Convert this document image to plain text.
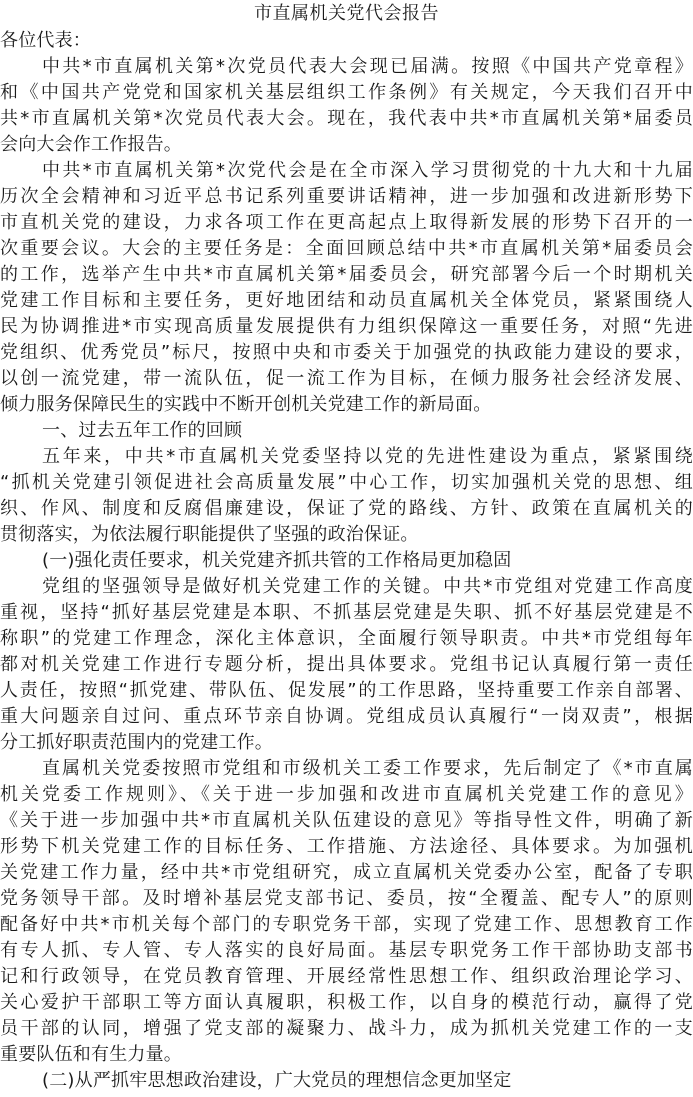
市直属机关党代会报告
各位代表：
中共*市直属机关第*次党员代表大会现已届满。按照《中国共产党章程》
和《中国共产党党和国家机关基层组织工作条例》有关规定，今天我们召开中
共*市直属机关第*次党员代表大会。现在，我代表中共*市直属机关第*届委员
会向大会作工作报告。
中共*市直属机关第*次党代会是在全市深入学习贯彻党的十九大和十九届
历次全会精神和习近平总书记系列重要讲话精神，进一步加强和改进新形势下
市直机关党的建设，力求各项工作在更高起点上取得新发展的形势下召开的一
次重要会议。大会的主要任务是：全面回顾总结中共*市直属机关第*届委员会
的工作，选举产生中共*市直属机关第*届委员会，研究部署今后一个时期机关
党建工作目标和主要任务，更好地团结和动员直属机关全体党员，紧紧围绕人
民为协调推进*市实现高质量发展提供有力组织保障这一重要任务，对照“先进
党组织、优秀党员”标尺，按照中央和市委关于加强党的执政能力建设的要求，
以创一流党建，带一流队伍，促一流工作为目标，在倾力服务社会经济发展、
倾力服务保障民生的实践中不断开创机关党建工作的新局面。
一、过去五年工作的回顾
五年来，中共*市直属机关党委坚持以党的先进性建设为重点，紧紧围绕
“抓机关党建引领促进社会高质量发展”中心工作，切实加强机关党的思想、组
织、作风、制度和反腐倡廉建设，保证了党的路线、方针、政策在直属机关的
贯彻落实，为依法履行职能提供了坚强的政治保证。
(一)强化责任要求，机关党建齐抓共管的工作格局更加稳固
党组的坚强领导是做好机关党建工作的关键。中共*市党组对党建工作高度
重视，坚持“抓好基层党建是本职、不抓基层党建是失职、抓不好基层党建是不
称职”的党建工作理念，深化主体意识，全面履行领导职责。中共*市党组每年
都对机关党建工作进行专题分析，提出具体要求。党组书记认真履行第一责任
人责任，按照“抓党建、带队伍、促发展”的工作思路，坚持重要工作亲自部署、
重大问题亲自过问、重点环节亲自协调。党组成员认真履行“一岗双责”，根据
分工抓好职责范围内的党建工作。
直属机关党委按照市党组和市级机关工委工作要求，先后制定了《*市直属
机关党委工作规则》、《关于进一步加强和改进市直属机关党建工作的意见》
《关于进一步加强中共*市直属机关队伍建设的意见》等指导性文件，明确了新
形势下机关党建工作的目标任务、工作措施、方法途径、具体要求。为加强机
关党建工作力量，经中共*市党组研究，成立直属机关党委办公室，配备了专职
党务领导干部。及时增补基层党支部书记、委员，按“全覆盖、配专人”的原则
配备好中共*市机关每个部门的专职党务干部，实现了党建工作、思想教育工作
有专人抓、专人管、专人落实的良好局面。基层专职党务工作干部协助支部书
记和行政领导，在党员教育管理、开展经常性思想工作、组织政治理论学习、
关心爱护干部职工等方面认真履职，积极工作，以自身的模范行动，赢得了党
员干部的认同，增强了党支部的凝聚力、战斗力，成为抓机关党建工作的一支
重要队伍和有生力量。
(二)从严抓牢思想政治建设，广大党员的理想信念更加坚定
